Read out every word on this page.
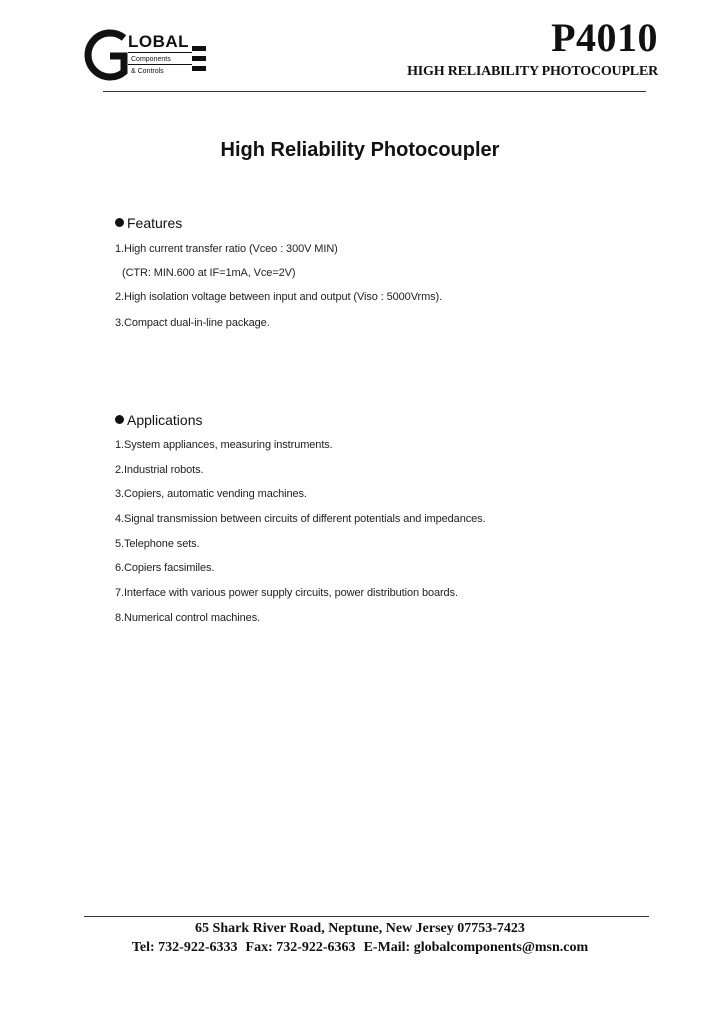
LOBAL
Components
& Controls
P4010
HIGH RELIABILITY PHOTOCOUPLER
High Reliability Photocoupler
Features
1.High current transfer ratio (Vceo : 300V MIN)
(CTR: MIN.600 at IF=1mA, Vce=2V)
2.High isolation voltage between input and output (Viso : 5000Vrms).
3.Compact dual-in-line package.
Applications
1.System appliances, measuring instruments.
2.Industrial robots.
3.Copiers, automatic vending machines.
4.Signal transmission between circuits of different potentials and impedances.
5.Telephone sets.
6.Copiers facsimiles.
7.Interface with various power supply circuits, power distribution boards.
8.Numerical control machines.
65 Shark River Road, Neptune, New Jersey 07753-7423
Tel: 732-922-6333 Fax: 732-922-6363 E-Mail: globalcomponents@msn.com
